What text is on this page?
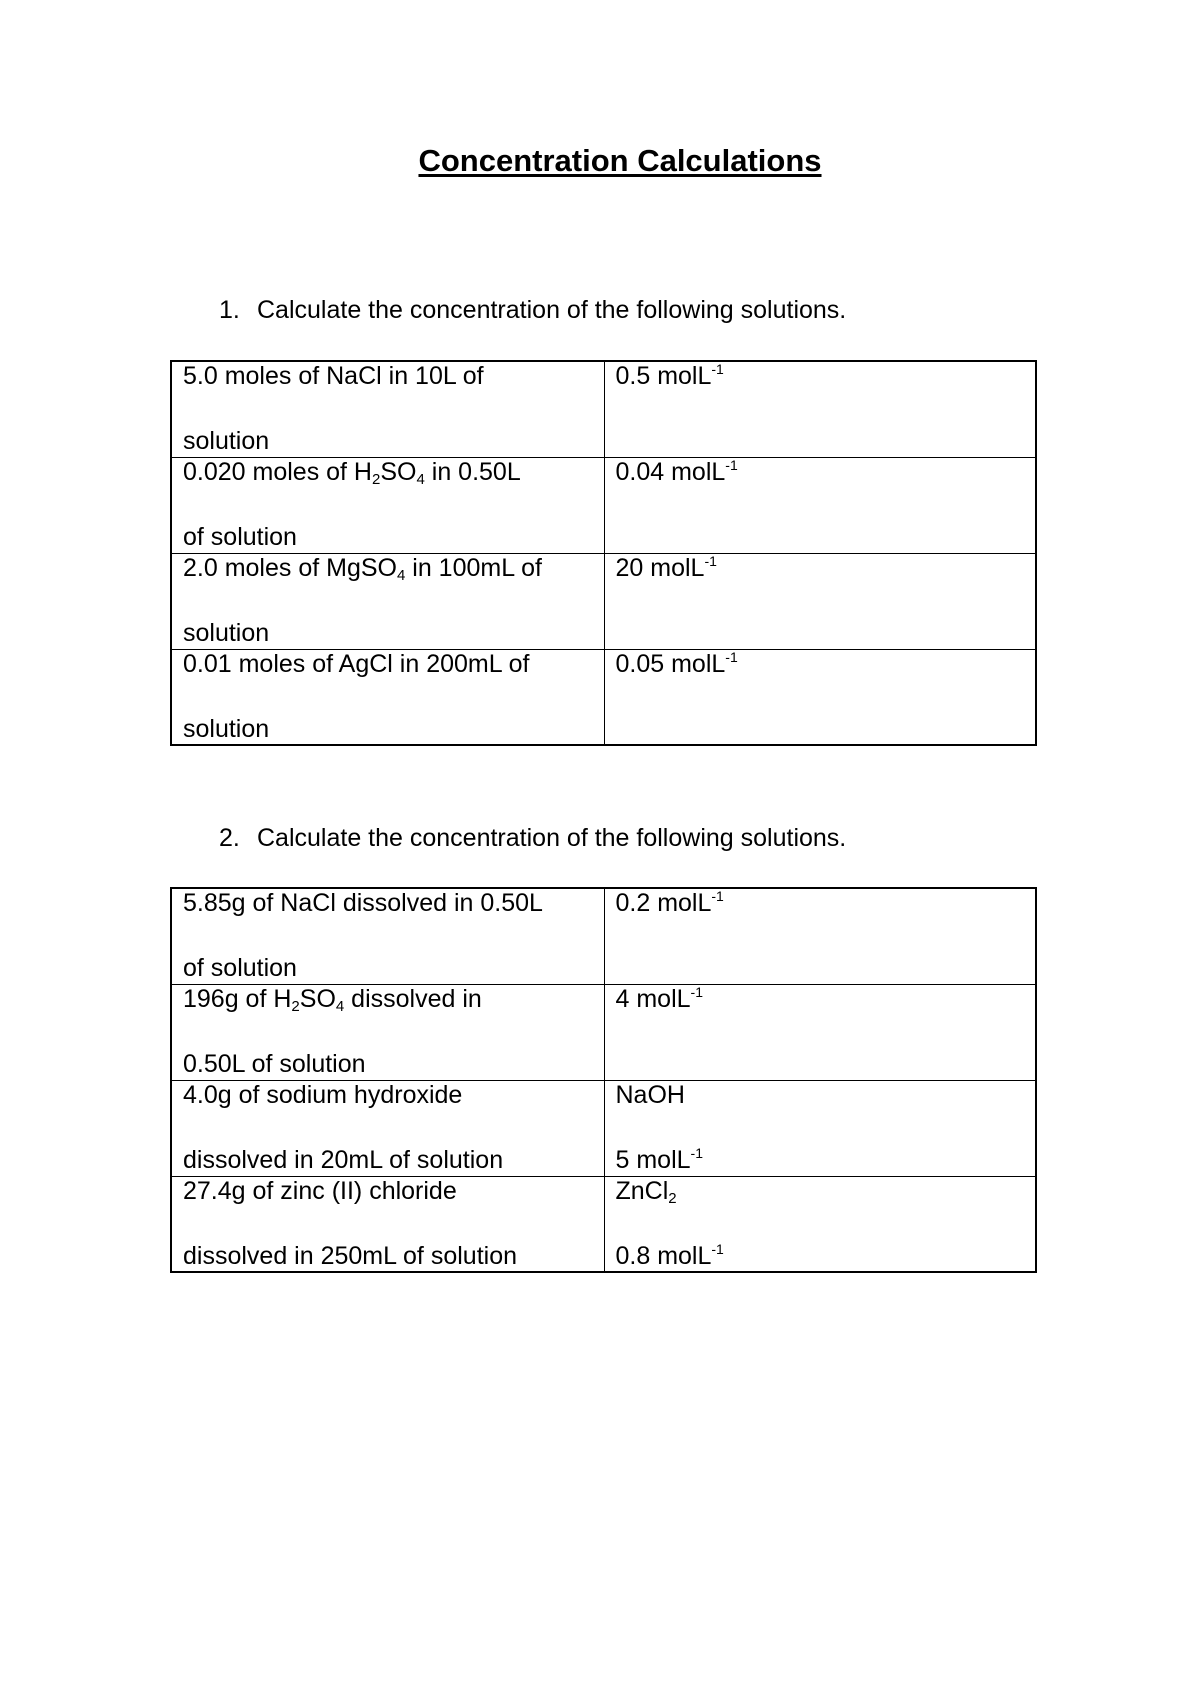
Concentration Calculations
1. Calculate the concentration of the following solutions.
5.0 moles of NaCl in 10L of
solution	0.5 molL$^{-1}$

0.020 moles of $H_2SO_4$ in 0.50L
of solution	0.04 molL$^{-1}$

2.0 moles of MgSO$_4$ in 100mL of
solution	20 molL$^{-1}$

0.01 moles of AgCl in 200mL of
solution	0.05 molL$^{-1}$
2. Calculate the concentration of the following solutions.
5.85g of NaCl dissolved in 0.50L
of solution	0.2 molL$^{-1}$

196g of $H_2SO_4$ dissolved in
0.50L of solution	4 molL$^{-1}$

4.0g of sodium hydroxide
dissolved in 20mL of solution	NaOH
5 molL$^{-1}$

27.4g of zinc (II) chloride
dissolved in 250mL of solution	ZnCl$_2$
0.8 molL$^{-1}$
